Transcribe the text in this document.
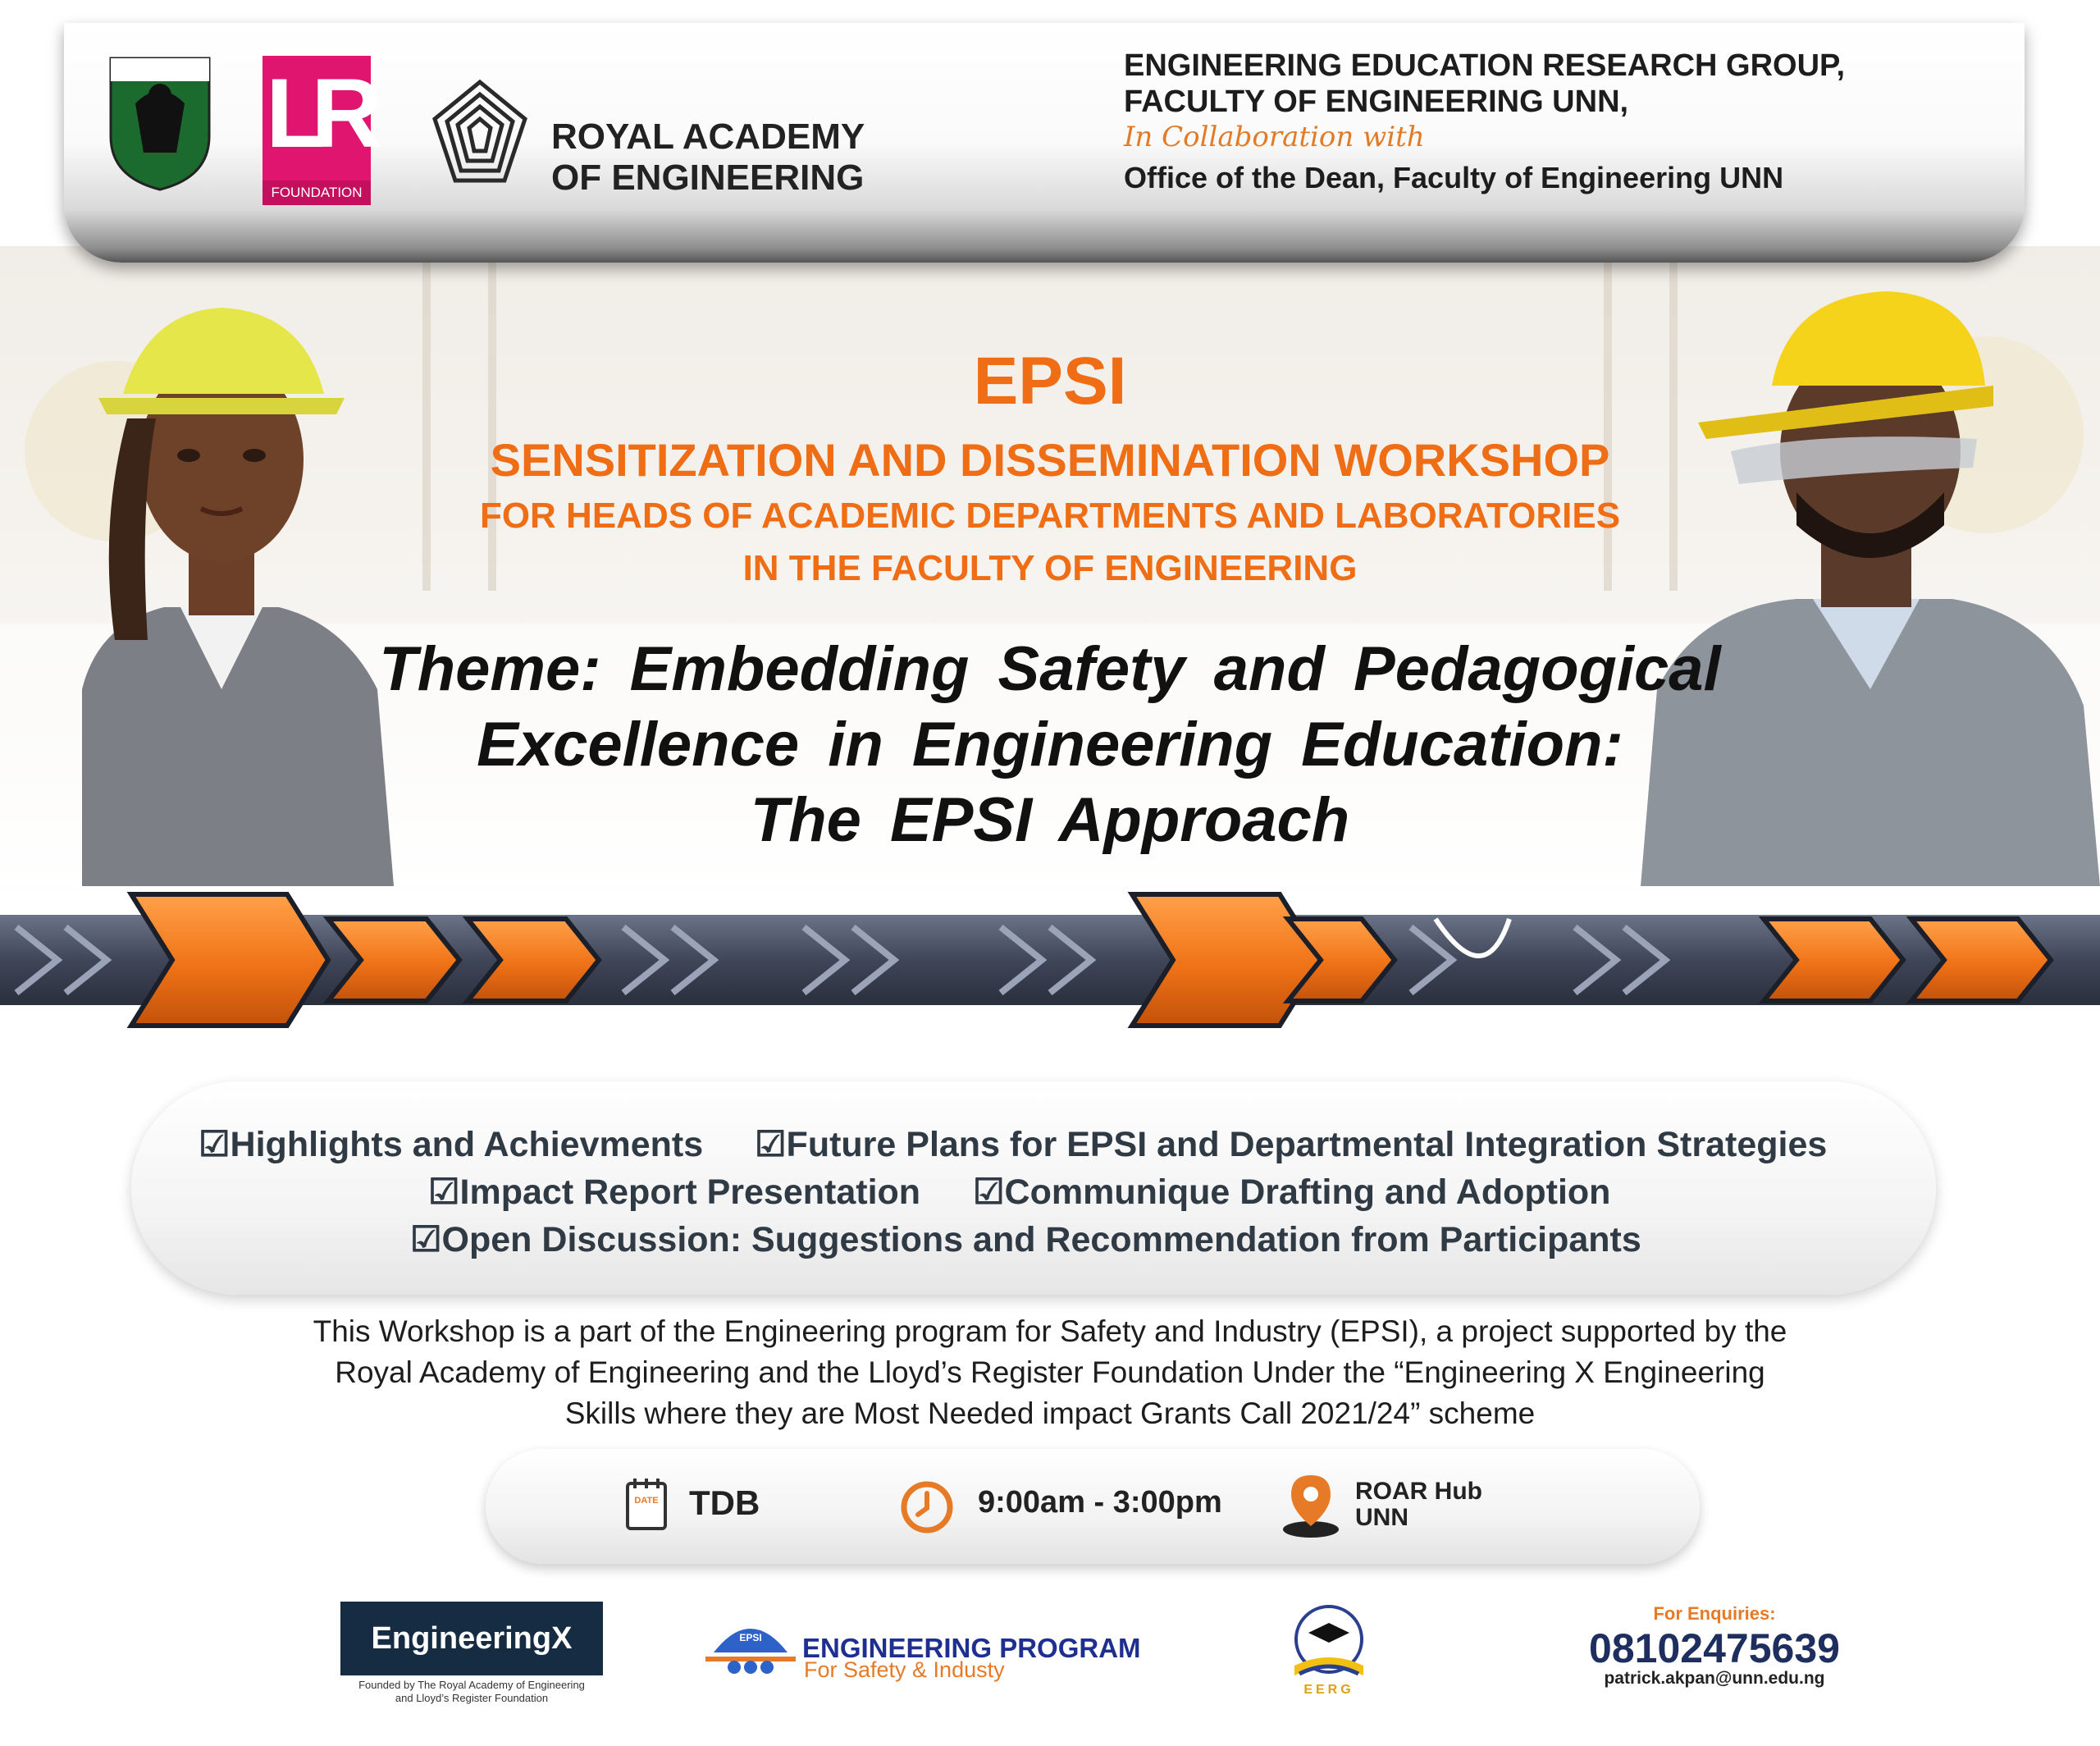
LR
FOUNDATION
ROYAL ACADEMY
OF ENGINEERING
ENGINEERING EDUCATION RESEARCH GROUP,
FACULTY OF ENGINEERING UNN,
In Collaboration with
Office of the Dean, Faculty of Engineering UNN
EPSI
SENSITIZATION AND DISSEMINATION WORKSHOP
FOR HEADS OF ACADEMIC DEPARTMENTS AND LABORATORIES
IN THE FACULTY OF ENGINEERING
Theme: Embedding Safety and Pedagogical
Excellence in Engineering Education:
The EPSI Approach
☑Highlights and Achievments ☑Future Plans for EPSI and Departmental Integration Strategies
☑Impact Report Presentation ☑Communique Drafting and Adoption
☑Open Discussion: Suggestions and Recommendation from Participants
This Workshop is a part of the Engineering program for Safety and Industry (EPSI), a project supported by the
Royal Academy of Engineering and the Lloyd’s Register Foundation Under the “Engineering X Engineering
Skills where they are Most Needed impact Grants Call 2021/24” scheme
DATE TDB	9:00am - 3:00pm	ROAR Hub
UNN
EngineeringX
Founded by The Royal Academy of Engineering
and Lloyd’s Register Foundation
EPSI ENGINEERING PROGRAM
For Safety & Industy
EERG
For Enquiries:
08102475639
patrick.akpan@unn.edu.ng
